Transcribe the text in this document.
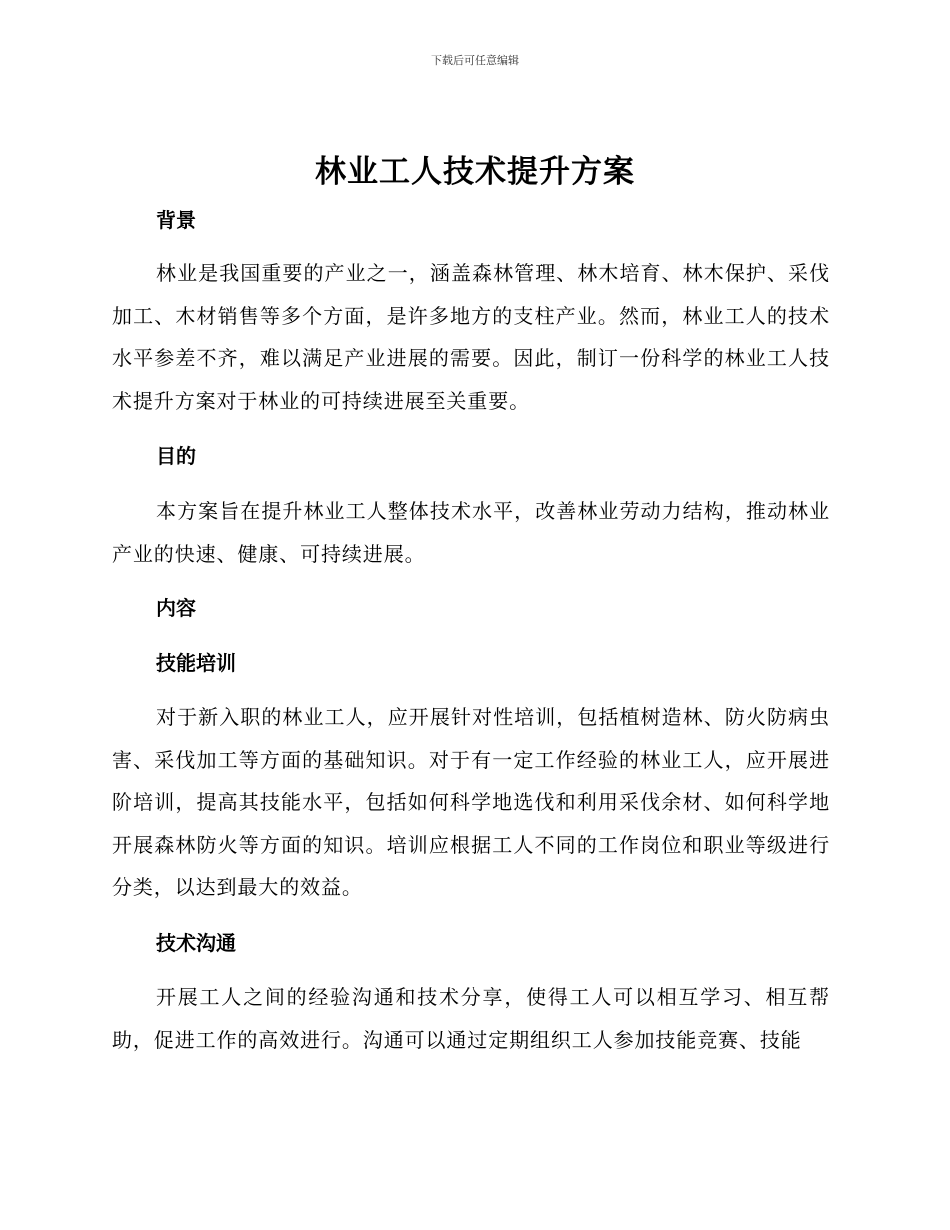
下载后可任意编辑
林业工人技术提升方案
背景
林业是我国重要的产业之一，涵盖森林管理、林木培育、林木保护、采伐加工、木材销售等多个方面，是许多地方的支柱产业。然而，林业工人的技术水平参差不齐，难以满足产业进展的需要。因此，制订一份科学的林业工人技术提升方案对于林业的可持续进展至关重要。
目的
本方案旨在提升林业工人整体技术水平，改善林业劳动力结构，推动林业产业的快速、健康、可持续进展。
内容
技能培训
对于新入职的林业工人，应开展针对性培训，包括植树造林、防火防病虫害、采伐加工等方面的基础知识。对于有一定工作经验的林业工人，应开展进阶培训，提高其技能水平，包括如何科学地选伐和利用采伐余材、如何科学地开展森林防火等方面的知识。培训应根据工人不同的工作岗位和职业等级进行分类，以达到最大的效益。
技术沟通
开展工人之间的经验沟通和技术分享，使得工人可以相互学习、相互帮助，促进工作的高效进行。沟通可以通过定期组织工人参加技能竞赛、技能
